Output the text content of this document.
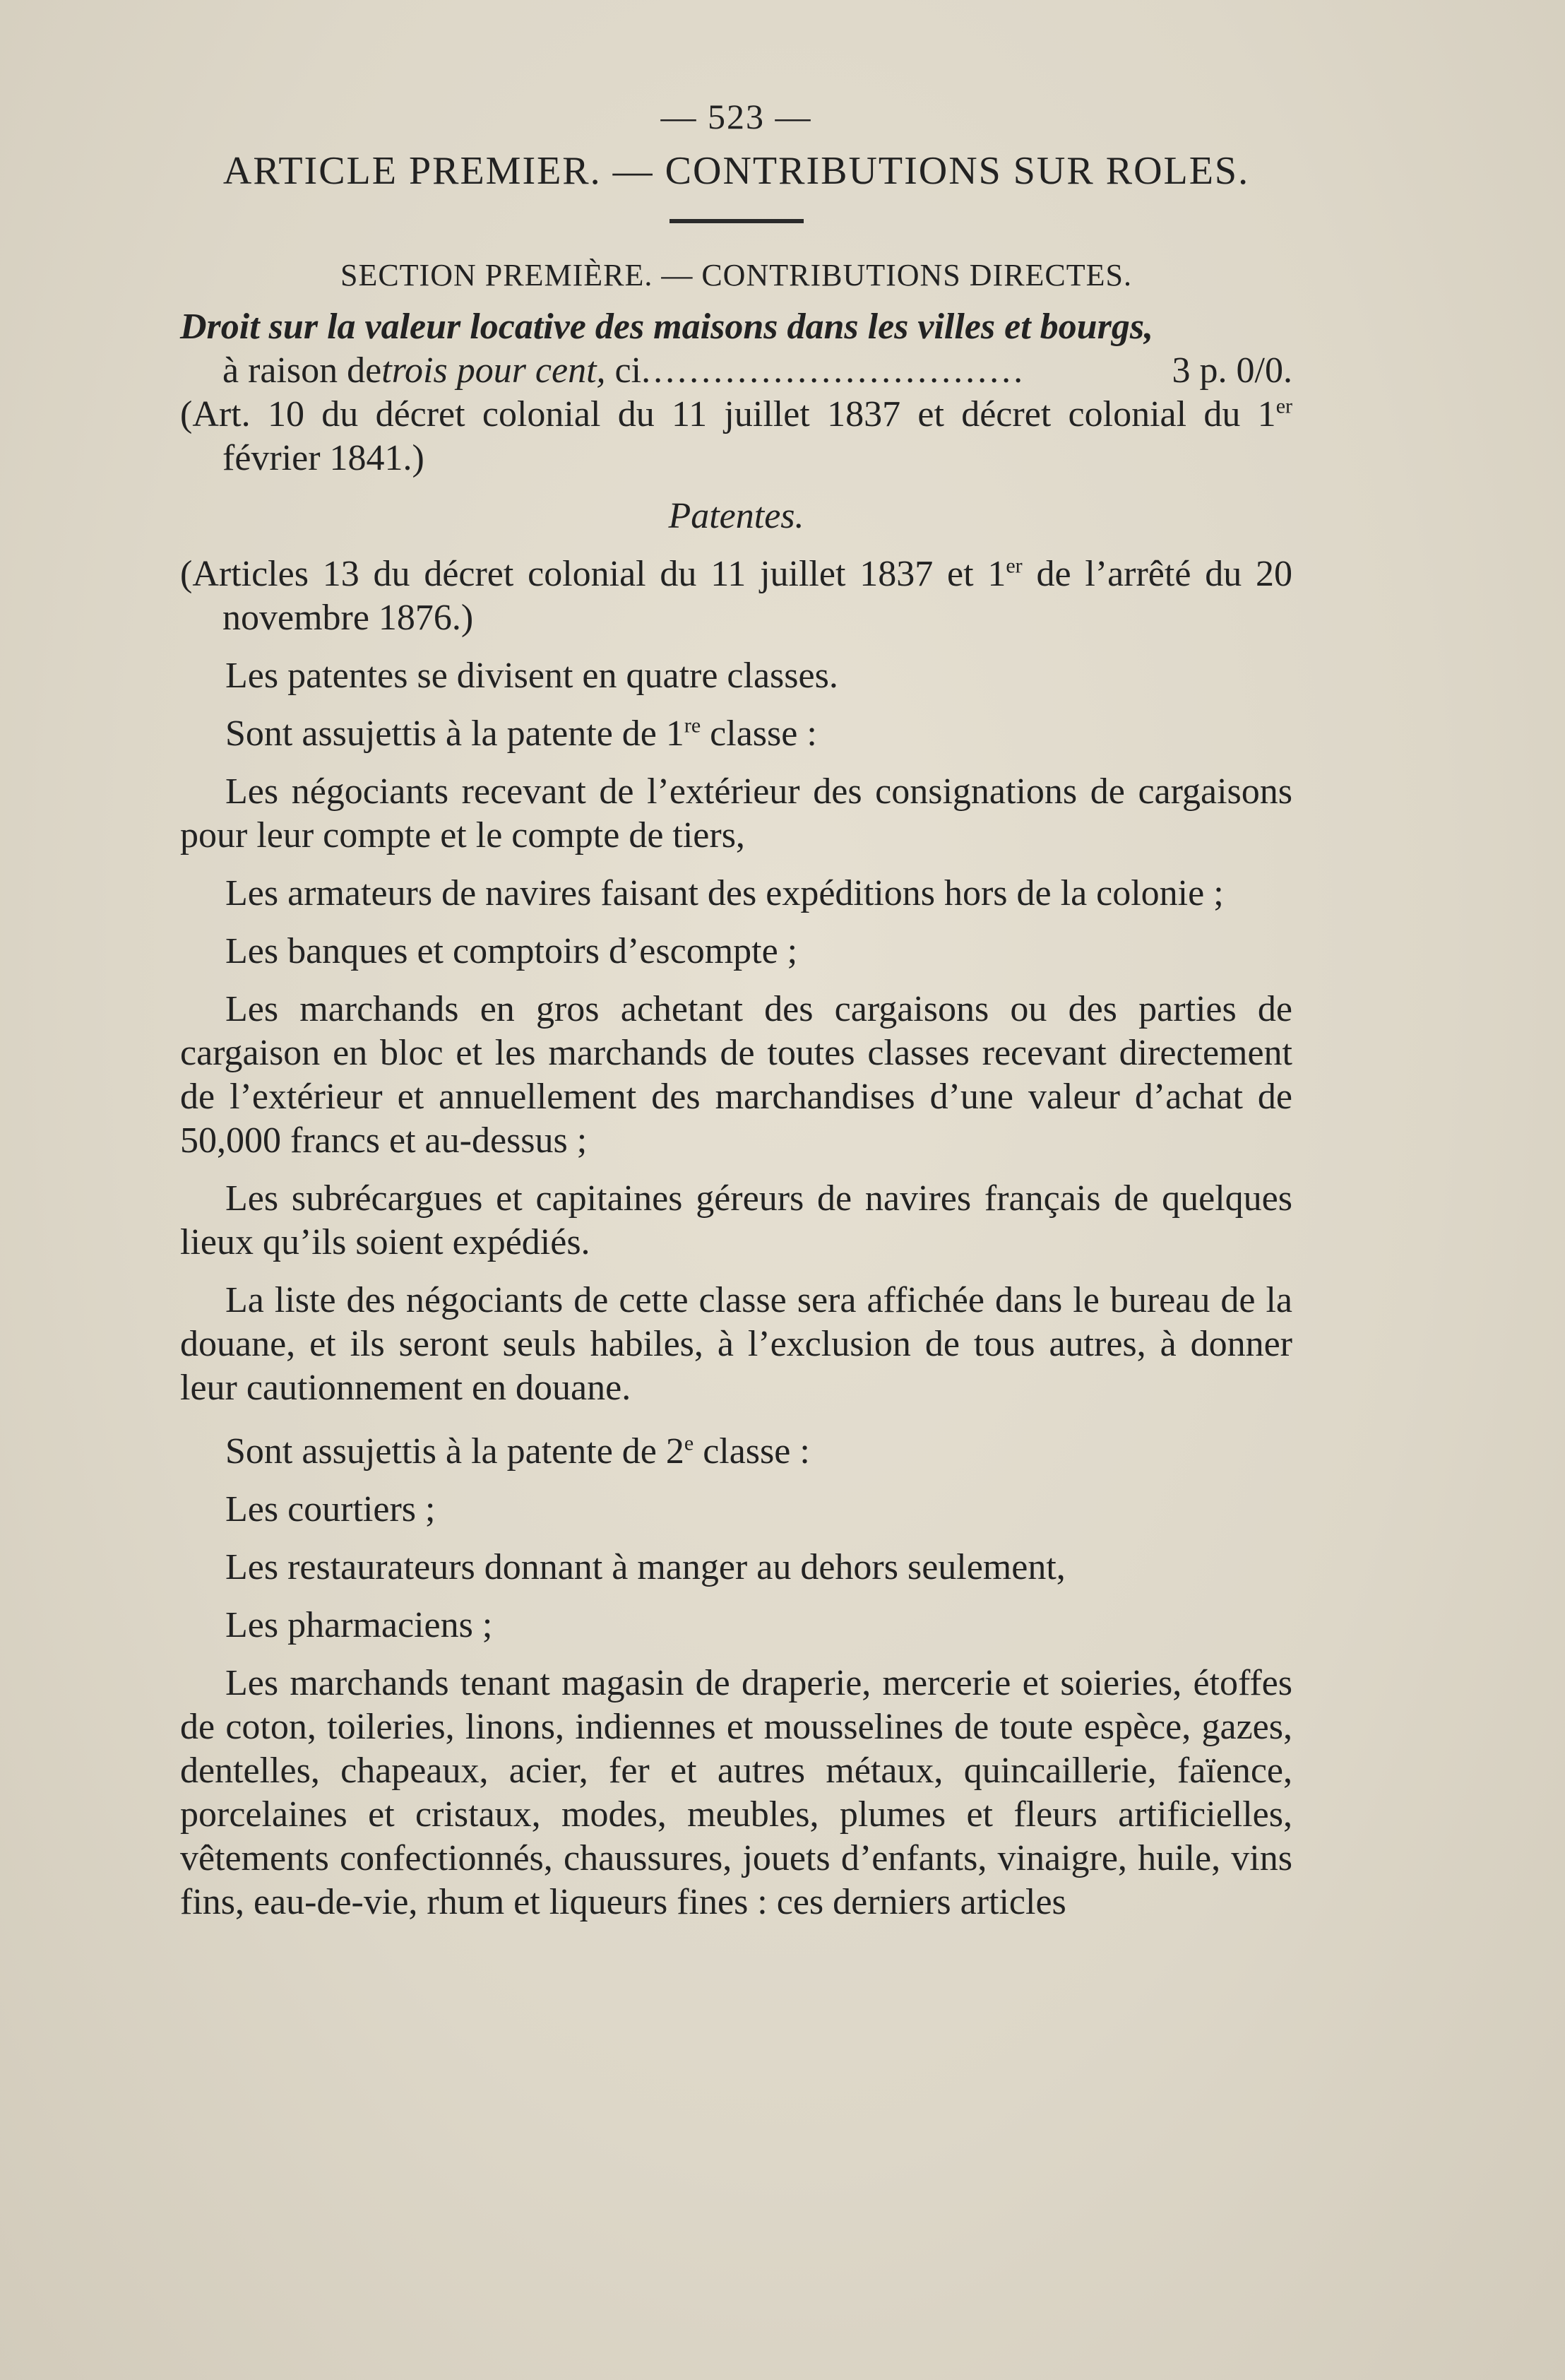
— 523 —
ARTICLE PREMIER. — CONTRIBUTIONS SUR ROLES.
SECTION PREMIÈRE. — CONTRIBUTIONS DIRECTES.
Droit sur la valeur locative des maisons dans les villes et bourgs,
à raison de trois pour cent, ci ................................	3 p. 0/0.
(Art. 10 du décret colonial du 11 juillet 1837 et décret colonial du 1er février 1841.)
Patentes.
(Articles 13 du décret colonial du 11 juillet 1837 et 1er de l’arrêté du 20 novembre 1876.)
Les patentes se divisent en quatre classes.
Sont assujettis à la patente de 1re classe :
Les négociants recevant de l’extérieur des consignations de cargaisons pour leur compte et le compte de tiers,
Les armateurs de navires faisant des expéditions hors de la colonie ;
Les banques et comptoirs d’escompte ;
Les marchands en gros achetant des cargaisons ou des parties de cargaison en bloc et les marchands de toutes classes recevant directement de l’extérieur et annuellement des marchandises d’une valeur d’achat de 50,000 francs et au-dessus ;
Les subrécargues et capitaines géreurs de navires français de quelques lieux qu’ils soient expédiés.
La liste des négociants de cette classe sera affichée dans le bureau de la douane, et ils seront seuls habiles, à l’exclusion de tous autres, à donner leur cautionnement en douane.
Sont assujettis à la patente de 2e classe :
Les courtiers ;
Les restaurateurs donnant à manger au dehors seulement,
Les pharmaciens ;
Les marchands tenant magasin de draperie, mercerie et soieries, étoffes de coton, toileries, linons, indiennes et mousselines de toute espèce, gazes, dentelles, chapeaux, acier, fer et autres métaux, quincaillerie, faïence, porcelaines et cristaux, modes, meubles, plumes et fleurs artificielles, vêtements confectionnés, chaussures, jouets d’enfants, vinaigre, huile, vins fins, eau-de-vie, rhum et liqueurs fines : ces derniers articles
